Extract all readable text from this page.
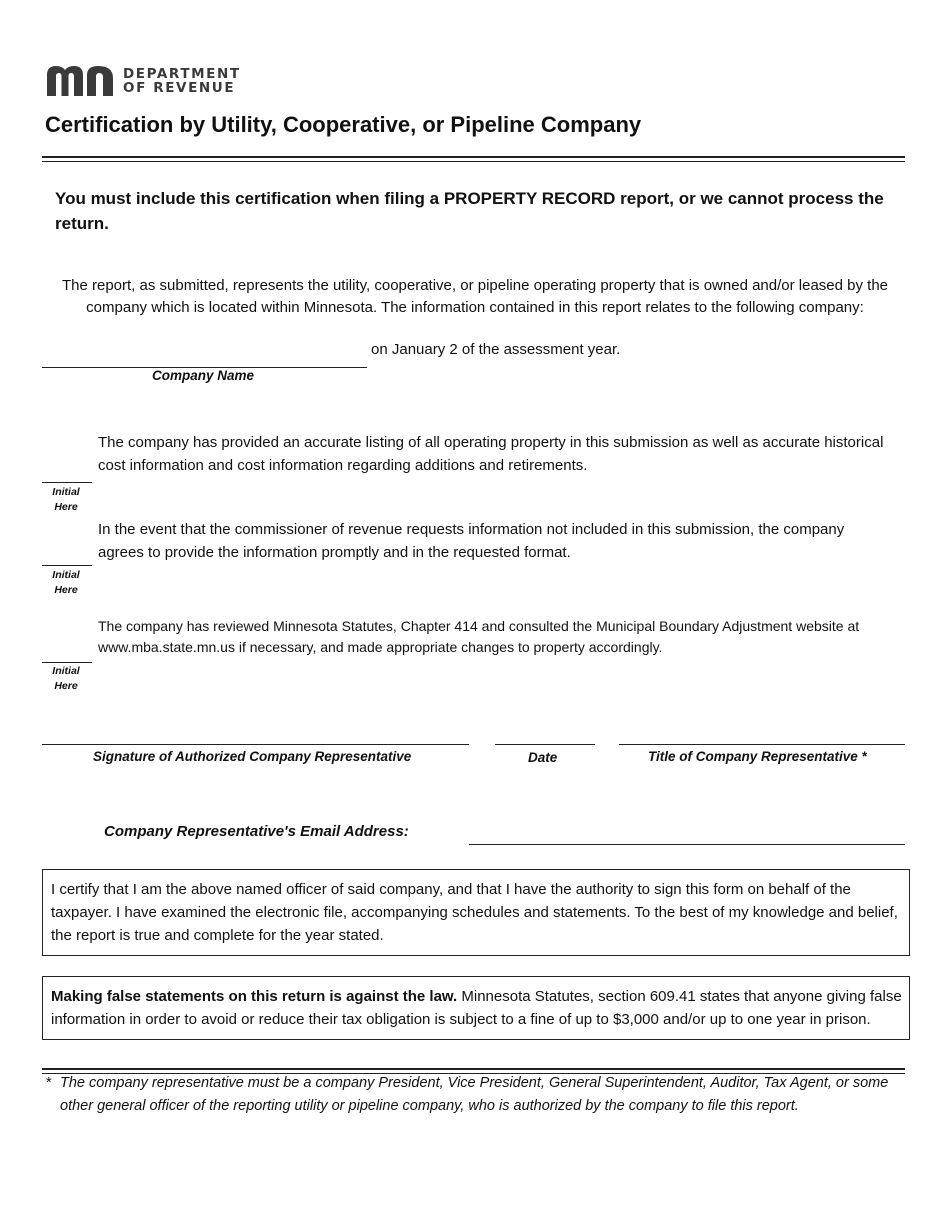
DEPARTMENT
OF REVENUE
Certification by Utility, Cooperative, or Pipeline Company
You must include this certification when filing a PROPERTY RECORD report, or we cannot process the return.
The report, as submitted, represents the utility, cooperative, or pipeline operating property that is owned and/or leased by the company which is located within Minnesota. The information contained in this report relates to the following company:
on January 2 of the assessment year.
Company Name
The company has provided an accurate listing of all operating property in this submission as well as accurate historical cost information and cost information regarding additions and retirements.
Initial
Here
In the event that the commissioner of revenue requests information not included in this submission, the company agrees to provide the information promptly and in the requested format.
Initial
Here
The company has reviewed Minnesota Statutes, Chapter 414 and consulted the Municipal Boundary Adjustment website at www.mba.state.mn.us if necessary, and made appropriate changes to property accordingly.
Initial
Here
Signature of Authorized Company Representative	Date	Title of Company Representative *
Company Representative's Email Address:
I certify that I am the above named officer of said company, and that I have the authority to sign this form on behalf of the taxpayer. I have examined the electronic file, accompanying schedules and statements. To the best of my knowledge and belief, the report is true and complete for the year stated.
Making false statements on this return is against the law. Minnesota Statutes, section 609.41 states that anyone giving false information in order to avoid or reduce their tax obligation is subject to a fine of up to $3,000 and/or up to one year in prison.
* The company representative must be a company President, Vice President, General Superintendent, Auditor, Tax Agent, or some other general officer of the reporting utility or pipeline company, who is authorized by the company to file this report.
